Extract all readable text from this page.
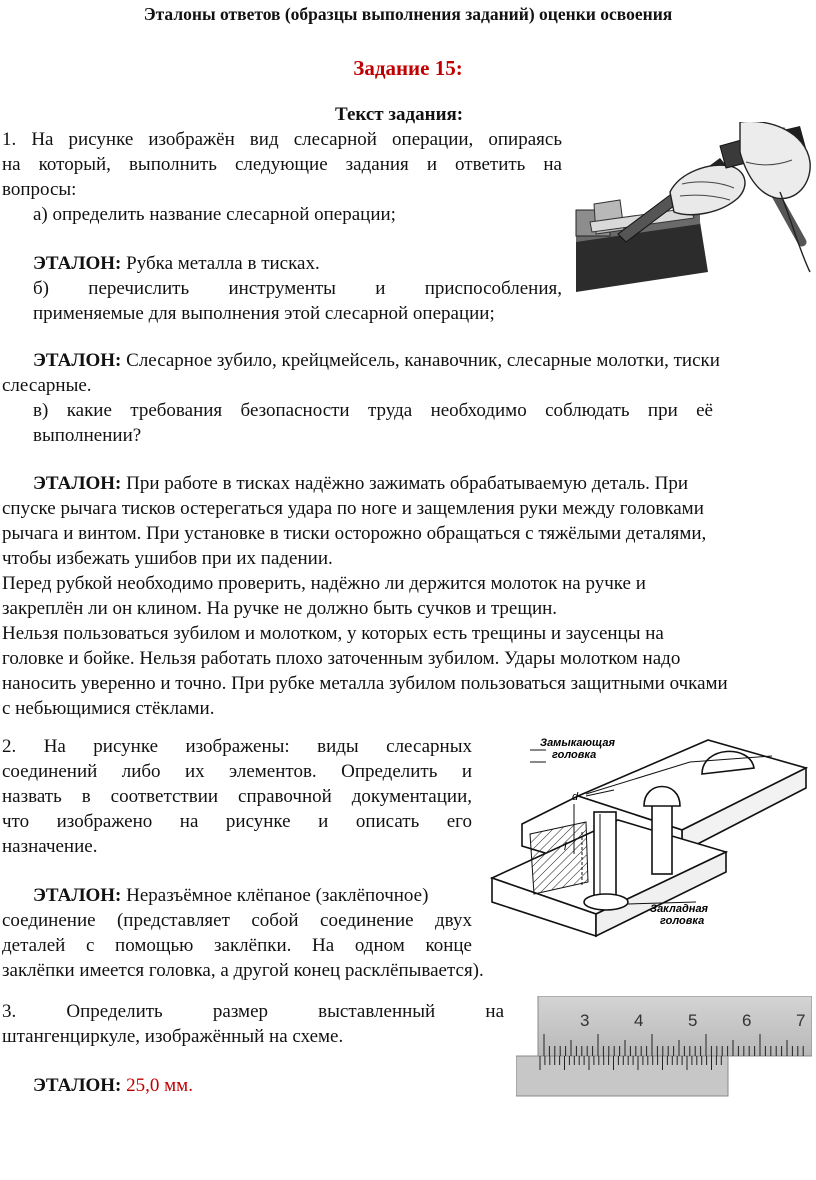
Эталоны ответов (образцы выполнения заданий) оценки освоения
Задание 15:
Текст задания:
1. На рисунке изображён вид слесарной операции, опираясь
на который, выполнить следующие задания и ответить на
вопросы:
а) определить название слесарной операции;
ЭТАЛОН: Рубка металла в тисках.
б) перечислить инструменты и приспособления,
применяемые для выполнения этой слесарной операции;
ЭТАЛОН: Слесарное зубило, крейцмейсель, канавочник, слесарные молотки, тиски
слесарные.
в) какие требования безопасности труда необходимо соблюдать при её
выполнении?
ЭТАЛОН: При работе в тисках надёжно зажимать обрабатываемую деталь. При
спуске рычага тисков остерегаться удара по ноге и защемления руки между головками
рычага и винтом. При установке в тиски осторожно обращаться с тяжёлыми деталями,
чтобы избежать ушибов при их падении.
Перед рубкой необходимо проверить, надёжно ли держится молоток на ручке и
закреплён ли он клином. На ручке не должно быть сучков и трещин.
Нельзя пользоваться зубилом и молотком, у которых есть трещины и заусенцы на
головке и бойке. Нельзя работать плохо заточенным зубилом. Удары молотком надо
наносить уверенно и точно. При рубке металла зубилом пользоваться защитными очками
с небьющимися стёклами.
2. На рисунке изображены: виды слесарных
соединений либо их элементов. Определить и
назвать в соответствии справочной документации,
что изображено на рисунке и описать его
назначение.
ЭТАЛОН: Неразъёмное клёпаное (заклёпочное)
соединение (представляет собой соединение двух
деталей с помощью заклёпки. На одном конце
заклёпки имеется головка, а другой конец расклёпывается).
d
l
Замыкающая
головка
Закладная
головка
3. Определить размер выставленный на
штангенциркуле, изображённый на схеме.
ЭТАЛОН: 25,0 мм.
3	4	5	6	7
